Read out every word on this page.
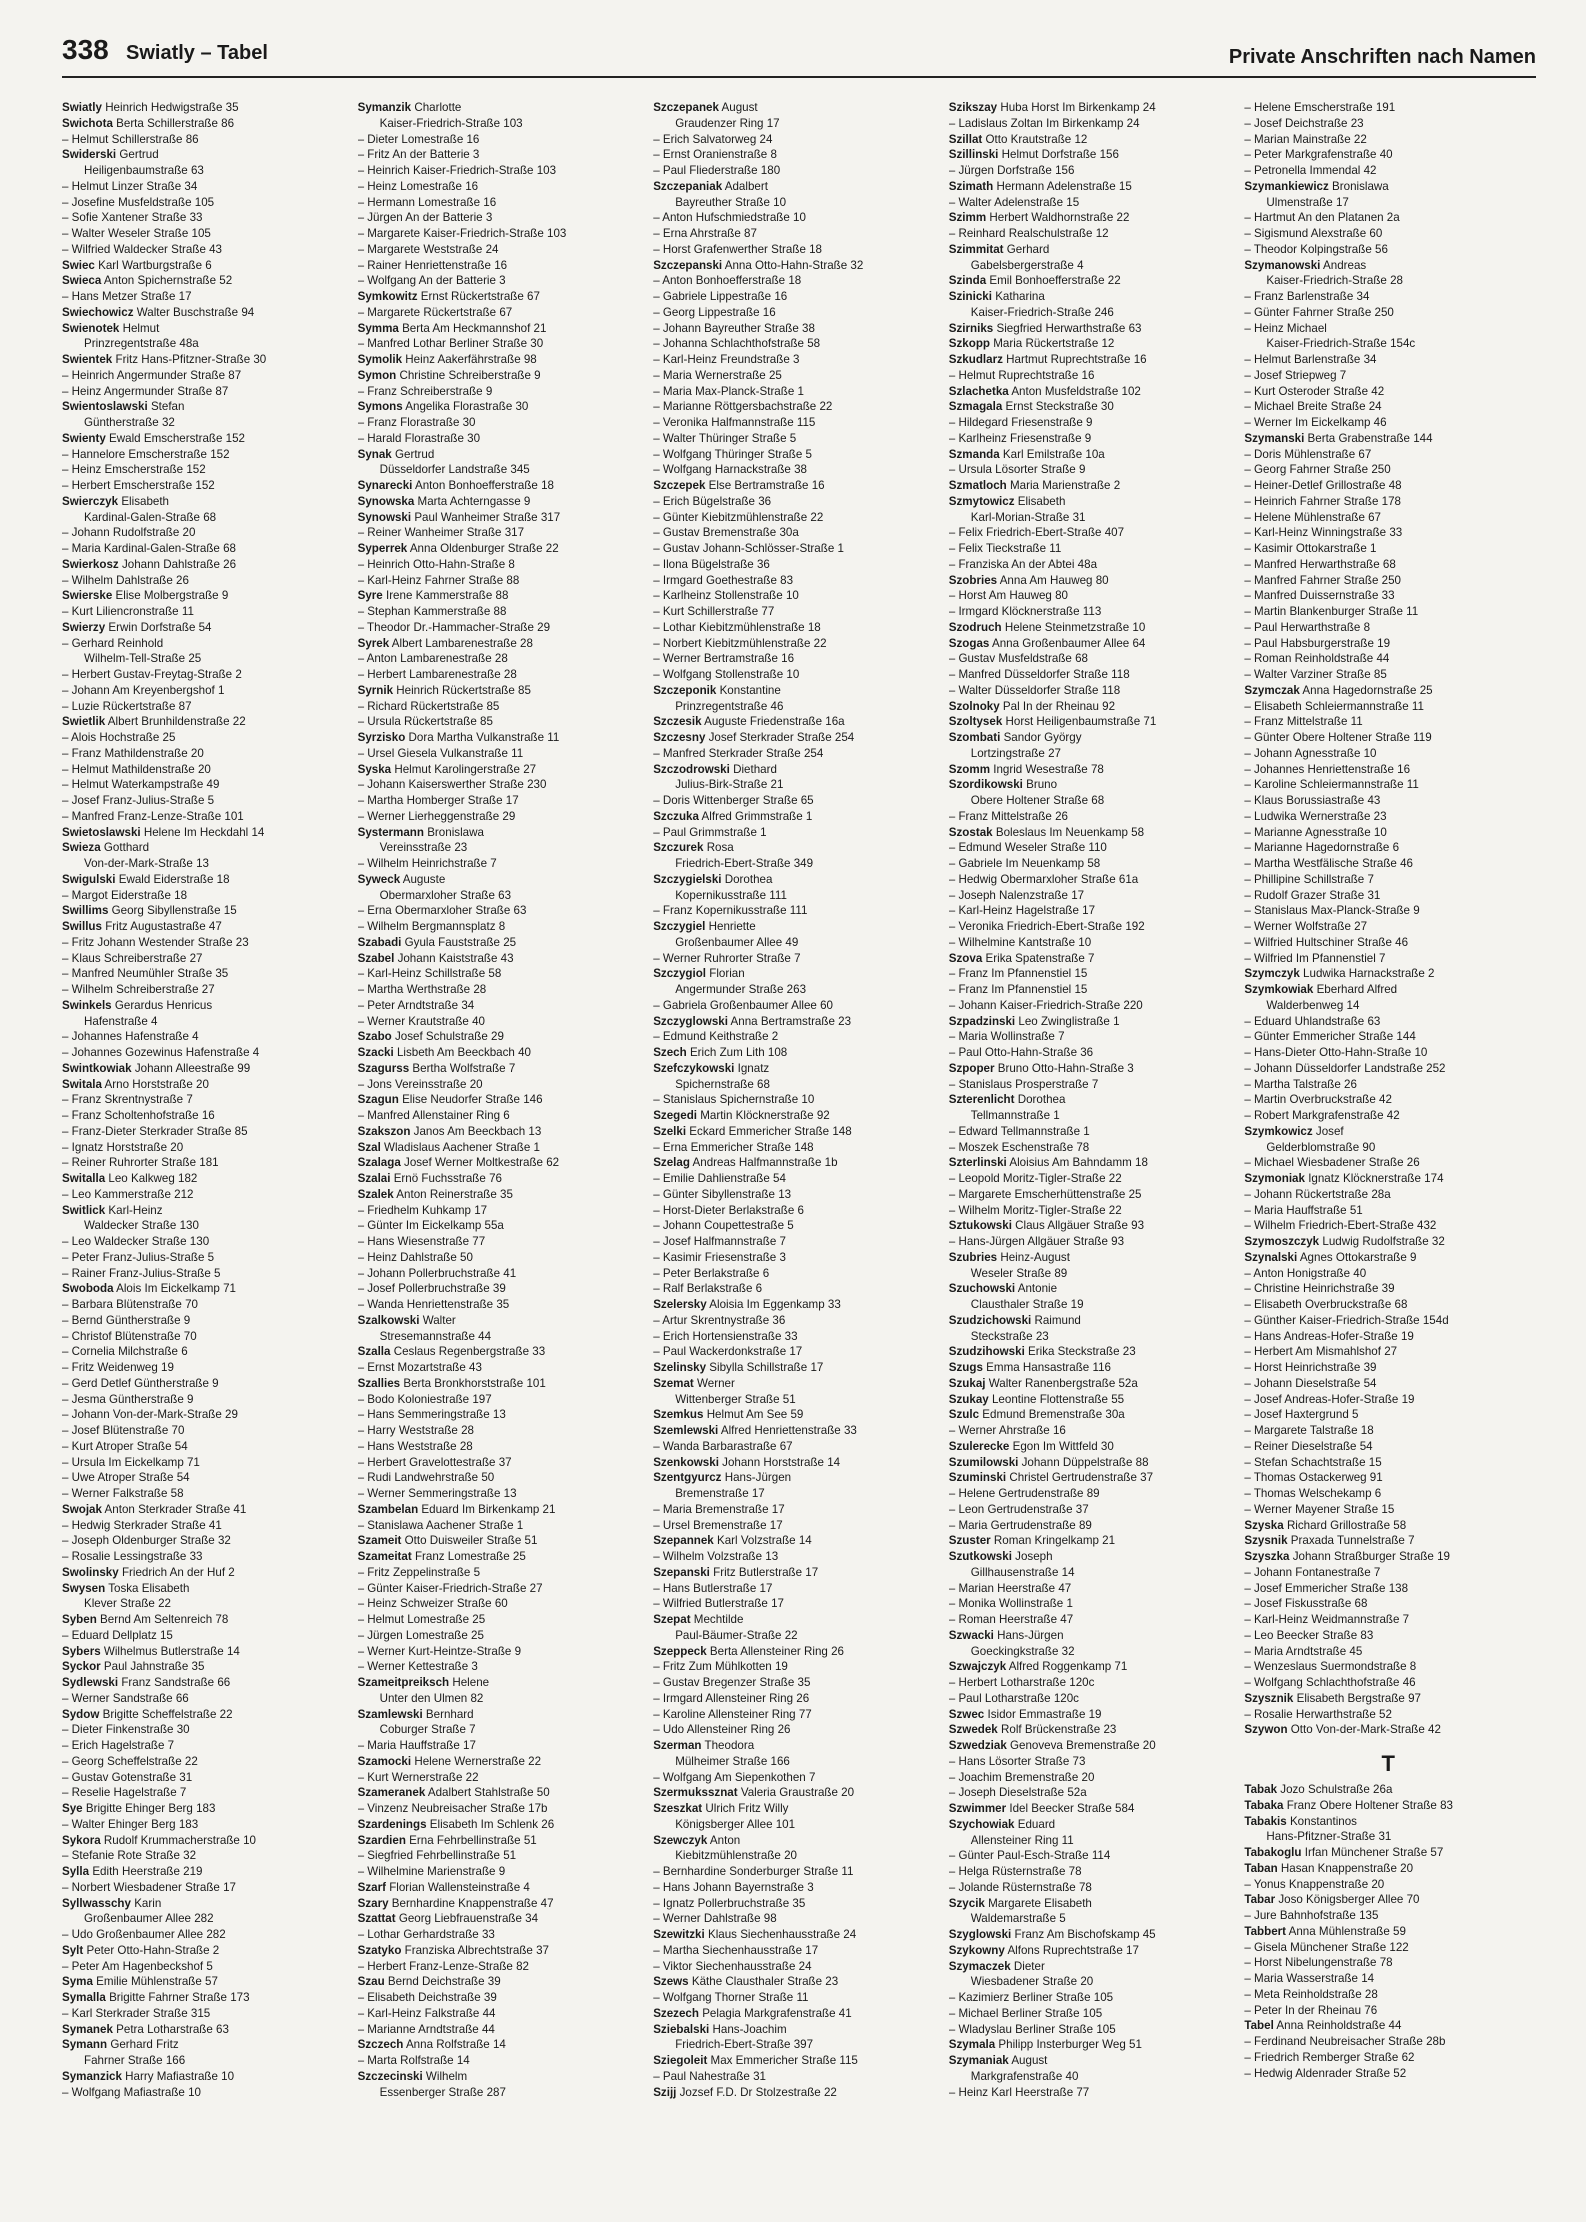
338 Swiatly – Tabel	Private Anschriften nach Namen
Swiatly Heinrich Hedwigstraße 35
Swichota Berta Schillerstraße 86
– Helmut Schillerstraße 86
Swiderski Gertrud
Heiligenbaumstraße 63
– Helmut Linzer Straße 34
– Josefine Musfeldstraße 105
– Sofie Xantener Straße 33
– Walter Weseler Straße 105
– Wilfried Waldecker Straße 43
Swiec Karl Wartburgstraße 6
Swieca Anton Spichernstraße 52
– Hans Metzer Straße 17
Swiechowicz Walter Buschstraße 94
Swienotek Helmut
Prinzregentstraße 48a
Swientek Fritz Hans-Pfitzner-Straße 30
– Heinrich Angermunder Straße 87
– Heinz Angermunder Straße 87
Swientoslawski Stefan
Güntherstraße 32
Swienty Ewald Emscherstraße 152
– Hannelore Emscherstraße 152
– Heinz Emscherstraße 152
– Herbert Emscherstraße 152
Swierczyk Elisabeth
Kardinal-Galen-Straße 68
– Johann Rudolfstraße 20
– Maria Kardinal-Galen-Straße 68
Swierkosz Johann Dahlstraße 26
– Wilhelm Dahlstraße 26
Swierske Elise Molbergstraße 9
– Kurt Liliencronstraße 11
Swierzy Erwin Dorfstraße 54
– Gerhard Reinhold
Wilhelm-Tell-Straße 25
– Herbert Gustav-Freytag-Straße 2
– Johann Am Kreyenbergshof 1
– Luzie Rückertstraße 87
Swietlik Albert Brunhildenstraße 22
– Alois Hochstraße 25
– Franz Mathildenstraße 20
– Helmut Mathildenstraße 20
– Helmut Waterkampstraße 49
– Josef Franz-Julius-Straße 5
– Manfred Franz-Lenze-Straße 101
Swietoslawski Helene Im Heckdahl 14
Swieza Gotthard
Von-der-Mark-Straße 13
Swigulski Ewald Eiderstraße 18
– Margot Eiderstraße 18
Swillims Georg Sibyllenstraße 15
Swillus Fritz Augustastraße 47
– Fritz Johann Westender Straße 23
– Klaus Schreiberstraße 27
– Manfred Neumühler Straße 35
– Wilhelm Schreiberstraße 27
Swinkels Gerardus Henricus
Hafenstraße 4
– Johannes Hafenstraße 4
– Johannes Gozewinus Hafenstraße 4
Swintkowiak Johann Alleestraße 99
Switala Arno Horststraße 20
– Franz Skrentnystraße 7
– Franz Scholtenhofstraße 16
– Franz-Dieter Sterkrader Straße 85
– Ignatz Horststraße 20
– Reiner Ruhrorter Straße 181
Switalla Leo Kalkweg 182
– Leo Kammerstraße 212
Switlick Karl-Heinz
Waldecker Straße 130
– Leo Waldecker Straße 130
– Peter Franz-Julius-Straße 5
– Rainer Franz-Julius-Straße 5
Swoboda Alois Im Eickelkamp 71
– Barbara Blütenstraße 70
– Bernd Güntherstraße 9
– Christof Blütenstraße 70
– Cornelia Milchstraße 6
– Fritz Weidenweg 19
– Gerd Detlef Güntherstraße 9
– Jesma Güntherstraße 9
– Johann Von-der-Mark-Straße 29
– Josef Blütenstraße 70
– Kurt Atroper Straße 54
– Ursula Im Eickelkamp 71
– Uwe Atroper Straße 54
– Werner Falkstraße 58
Swojak Anton Sterkrader Straße 41
– Hedwig Sterkrader Straße 41
– Joseph Oldenburger Straße 32
– Rosalie Lessingstraße 33
Swolinsky Friedrich An der Huf 2
Swysen Toska Elisabeth
Klever Straße 22
Syben Bernd Am Seltenreich 78
– Eduard Dellplatz 15
Sybers Wilhelmus Butlerstraße 14
Syckor Paul Jahnstraße 35
Sydlewski Franz Sandstraße 66
– Werner Sandstraße 66
Sydow Brigitte Scheffelstraße 22
– Dieter Finkenstraße 30
– Erich Hagelstraße 7
– Georg Scheffelstraße 22
– Gustav Gotenstraße 31
– Reselie Hagelstraße 7
Sye Brigitte Ehinger Berg 183
– Walter Ehinger Berg 183
Sykora Rudolf Krummacherstraße 10
– Stefanie Rote Straße 32
Sylla Edith Heerstraße 219
– Norbert Wiesbadener Straße 17
Syllwasschy Karin
Großenbaumer Allee 282
– Udo Großenbaumer Allee 282
Sylt Peter Otto-Hahn-Straße 2
– Peter Am Hagenbeckshof 5
Syma Emilie Mühlenstraße 57
Symalla Brigitte Fahrner Straße 173
– Karl Sterkrader Straße 315
Symanek Petra Lotharstraße 63
Symann Gerhard Fritz
Fahrner Straße 166
Symanzick Harry Mafiastraße 10
– Wolfgang Mafiastraße 10
Symanzik Charlotte
Kaiser-Friedrich-Straße 103
– Dieter Lomestraße 16
– Fritz An der Batterie 3
– Heinrich Kaiser-Friedrich-Straße 103
– Heinz Lomestraße 16
– Hermann Lomestraße 16
– Jürgen An der Batterie 3
– Margarete Kaiser-Friedrich-Straße 103
– Margarete Weststraße 24
– Rainer Henriettenstraße 16
– Wolfgang An der Batterie 3
Symkowitz Ernst Rückertstraße 67
– Margarete Rückertstraße 67
Symma Berta Am Heckmannshof 21
– Manfred Lothar Berliner Straße 30
Symolik Heinz Aakerfährstraße 98
Symon Christine Schreiberstraße 9
– Franz Schreiberstraße 9
Symons Angelika Florastraße 30
– Franz Florastraße 30
– Harald Florastraße 30
Synak Gertrud
Düsseldorfer Landstraße 345
Synarecki Anton Bonhoefferstraße 18
Synowska Marta Achterngasse 9
Synowski Paul Wanheimer Straße 317
– Reiner Wanheimer Straße 317
Syperrek Anna Oldenburger Straße 22
– Heinrich Otto-Hahn-Straße 8
– Karl-Heinz Fahrner Straße 88
Syre Irene Kammerstraße 88
– Stephan Kammerstraße 88
– Theodor Dr.-Hammacher-Straße 29
Syrek Albert Lambarenestraße 28
– Anton Lambarenestraße 28
– Herbert Lambarenestraße 28
Syrnik Heinrich Rückertstraße 85
– Richard Rückertstraße 85
– Ursula Rückertstraße 85
Syrzisko Dora Martha Vulkanstraße 11
– Ursel Giesela Vulkanstraße 11
Syska Helmut Karolingerstraße 27
– Johann Kaiserswerther Straße 230
– Martha Homberger Straße 17
– Werner Lierheggenstraße 29
Systermann Bronislawa
Vereinsstraße 23
– Wilhelm Heinrichstraße 7
Syweck Auguste
Obermarxloher Straße 63
– Erna Obermarxloher Straße 63
– Wilhelm Bergmannsplatz 8
Szabadi Gyula Fauststraße 25
Szabel Johann Kaiststraße 43
– Karl-Heinz Schillstraße 58
– Martha Werthstraße 28
– Peter Arndtstraße 34
– Werner Krautstraße 40
Szabo Josef Schulstraße 29
Szacki Lisbeth Am Beeckbach 40
Szagurss Bertha Wolfstraße 7
– Jons Vereinsstraße 20
Szagun Elise Neudorfer Straße 146
– Manfred Allenstainer Ring 6
Szakszon Janos Am Beeckbach 13
Szal Wladislaus Aachener Straße 1
Szalaga Josef Werner Moltkestraße 62
Szalai Ernö Fuchsstraße 76
Szalek Anton Reinerstraße 35
– Friedhelm Kuhkamp 17
– Günter Im Eickelkamp 55a
– Hans Wiesenstraße 77
– Heinz Dahlstraße 50
– Johann Pollerbruchstraße 41
– Josef Pollerbruchstraße 39
– Wanda Henriettenstraße 35
Szalkowski Walter
Stresemannstraße 44
Szalla Ceslaus Regenbergstraße 33
– Ernst Mozartstraße 43
Szallies Berta Bronkhorststraße 101
– Bodo Koloniestraße 197
– Hans Semmeringstraße 13
– Harry Weststraße 28
– Hans Weststraße 28
– Herbert Gravelottestraße 37
– Rudi Landwehrstraße 50
– Werner Semmeringstraße 13
Szambelan Eduard Im Birkenkamp 21
– Stanislawa Aachener Straße 1
Szameit Otto Duisweiler Straße 51
Szameitat Franz Lomestraße 25
– Fritz Zeppelinstraße 5
– Günter Kaiser-Friedrich-Straße 27
– Heinz Schweizer Straße 60
– Helmut Lomestraße 25
– Jürgen Lomestraße 25
– Werner Kurt-Heintze-Straße 9
– Werner Kettestraße 3
Szameitpreiksch Helene
Unter den Ulmen 82
Szamlewski Bernhard
Coburger Straße 7
– Maria Hauffstraße 17
Szamocki Helene Wernerstraße 22
– Kurt Wernerstraße 22
Szameranek Adalbert Stahlstraße 50
– Vinzenz Neubreisacher Straße 17b
Szardenings Elisabeth Im Schlenk 26
Szardien Erna Fehrbellinstraße 51
– Siegfried Fehrbellinstraße 51
– Wilhelmine Marienstraße 9
Szarf Florian Wallensteinstraße 4
Szary Bernhardine Knappenstraße 47
Szattat Georg Liebfrauenstraße 34
– Lothar Gerhardstraße 33
Szatyko Franziska Albrechtstraße 37
– Herbert Franz-Lenze-Straße 82
Szau Bernd Deichstraße 39
– Elisabeth Deichstraße 39
– Karl-Heinz Falkstraße 44
– Marianne Arndtstraße 44
Szczech Anna Rolfstraße 14
– Marta Rolfstraße 14
Szczecinski Wilhelm
Essenberger Straße 287
Szczepanek August
Graudenzer Ring 17
– Erich Salvatorweg 24
– Ernst Oranienstraße 8
– Paul Fliederstraße 180
Szczepaniak Adalbert
Bayreuther Straße 10
– Anton Hufschmiedstraße 10
– Erna Ahrstraße 87
– Horst Grafenwerther Straße 18
Szczepanski Anna Otto-Hahn-Straße 32
– Anton Bonhoefferstraße 18
– Gabriele Lippestraße 16
– Georg Lippestraße 16
– Johann Bayreuther Straße 38
– Johanna Schlachthofstraße 58
– Karl-Heinz Freundstraße 3
– Maria Wernerstraße 25
– Maria Max-Planck-Straße 1
– Marianne Röttgersbachstraße 22
– Veronika Halfmannstraße 115
– Walter Thüringer Straße 5
– Wolfgang Thüringer Straße 5
– Wolfgang Harnackstraße 38
Szczepek Else Bertramstraße 16
– Erich Bügelstraße 36
– Günter Kiebitzmühlenstraße 22
– Gustav Bremenstraße 30a
– Gustav Johann-Schlösser-Straße 1
– Ilona Bügelstraße 36
– Irmgard Goethestraße 83
– Karlheinz Stollenstraße 10
– Kurt Schillerstraße 77
– Lothar Kiebitzmühlenstraße 18
– Norbert Kiebitzmühlenstraße 22
– Werner Bertramstraße 16
– Wolfgang Stollenstraße 10
Szczeponik Konstantine
Prinzregentstraße 46
Szczesik Auguste Friedenstraße 16a
Szczesny Josef Sterkrader Straße 254
– Manfred Sterkrader Straße 254
Szczodrowski Diethard
Julius-Birk-Straße 21
– Doris Wittenberger Straße 65
Szczuka Alfred Grimmstraße 1
– Paul Grimmstraße 1
Szczurek Rosa
Friedrich-Ebert-Straße 349
Szczygielski Dorothea
Kopernikusstraße 111
– Franz Kopernikusstraße 111
Szczygiel Henriette
Großenbaumer Allee 49
– Werner Ruhrorter Straße 7
Szczygiol Florian
Angermunder Straße 263
– Gabriela Großenbaumer Allee 60
Szczyglowski Anna Bertramstraße 23
– Edmund Keithstraße 2
Szech Erich Zum Lith 108
Szefczykowski Ignatz
Spichernstraße 68
– Stanislaus Spichernstraße 10
Szegedi Martin Klöcknerstraße 92
Szelki Eckard Emmericher Straße 148
– Erna Emmericher Straße 148
Szelag Andreas Halfmannstraße 1b
– Emilie Dahlienstraße 54
– Günter Sibyllenstraße 13
– Horst-Dieter Berlakstraße 6
– Johann Coupettestraße 5
– Josef Halfmannstraße 7
– Kasimir Friesenstraße 3
– Peter Berlakstraße 6
– Ralf Berlakstraße 6
Szelersky Aloisia Im Eggenkamp 33
– Artur Skrentnystraße 36
– Erich Hortensienstraße 33
– Paul Wackerdonkstraße 17
Szelinsky Sibylla Schillstraße 17
Szemat Werner
Wittenberger Straße 51
Szemkus Helmut Am See 59
Szemlewski Alfred Henriettenstraße 33
– Wanda Barbarastraße 67
Szenkowski Johann Horststraße 14
Szentgyurcz Hans-Jürgen
Bremenstraße 17
– Maria Bremenstraße 17
– Ursel Bremenstraße 17
Szepannek Karl Volzstraße 14
– Wilhelm Volzstraße 13
Szepanski Fritz Butlerstraße 17
– Hans Butlerstraße 17
– Wilfried Butlerstraße 17
Szepat Mechtilde
Paul-Bäumer-Straße 22
Szeppeck Berta Allensteiner Ring 26
– Fritz Zum Mühlkotten 19
– Gustav Bregenzer Straße 35
– Irmgard Allensteiner Ring 26
– Karoline Allensteiner Ring 77
– Udo Allensteiner Ring 26
Szerman Theodora
Mülheimer Straße 166
– Wolfgang Am Siepenkothen 7
Szermukssznat Valeria Graustraße 20
Szeszkat Ulrich Fritz Willy
Königsberger Allee 101
Szewczyk Anton
Kiebitzmühlenstraße 20
– Bernhardine Sonderburger Straße 11
– Hans Johann Bayernstraße 3
– Ignatz Pollerbruchstraße 35
– Werner Dahlstraße 98
Szewitzki Klaus Siechenhausstraße 24
– Martha Siechenhausstraße 17
– Viktor Siechenhausstraße 24
Szews Käthe Clausthaler Straße 23
– Wolfgang Thorner Straße 11
Szezech Pelagia Markgrafenstraße 41
Sziebalski Hans-Joachim
Friedrich-Ebert-Straße 397
Sziegoleit Max Emmericher Straße 115
– Paul Nahestraße 31
Szijj Jozsef F.D. Dr Stolzestraße 22
Szikszay Huba Horst Im Birkenkamp 24
– Ladislaus Zoltan Im Birkenkamp 24
Szillat Otto Krautstraße 12
Szillinski Helmut Dorfstraße 156
– Jürgen Dorfstraße 156
Szimath Hermann Adelenstraße 15
– Walter Adelenstraße 15
Szimm Herbert Waldhornstraße 22
– Reinhard Realschulstraße 12
Szimmitat Gerhard
Gabelsbergerstraße 4
Szinda Emil Bonhoefferstraße 22
Szinicki Katharina
Kaiser-Friedrich-Straße 246
Szirniks Siegfried Herwarthstraße 63
Szkopp Maria Rückertstraße 12
Szkudlarz Hartmut Ruprechtstraße 16
– Helmut Ruprechtstraße 16
Szlachetka Anton Musfeldstraße 102
Szmagala Ernst Steckstraße 30
– Hildegard Friesenstraße 9
– Karlheinz Friesenstraße 9
Szmanda Karl Emilstraße 10a
– Ursula Lösorter Straße 9
Szmatloch Maria Marienstraße 2
Szmytowicz Elisabeth
Karl-Morian-Straße 31
– Felix Friedrich-Ebert-Straße 407
– Felix Tieckstraße 11
– Franziska An der Abtei 48a
Szobries Anna Am Hauweg 80
– Horst Am Hauweg 80
– Irmgard Klöcknerstraße 113
Szodruch Helene Steinmetzstraße 10
Szogas Anna Großenbaumer Allee 64
– Gustav Musfeldstraße 68
– Manfred Düsseldorfer Straße 118
– Walter Düsseldorfer Straße 118
Szolnoky Pal In der Rheinau 92
Szoltysek Horst Heiligenbaumstraße 71
Szombati Sandor György
Lortzingstraße 27
Szomm Ingrid Wesestraße 78
Szordikowski Bruno
Obere Holtener Straße 68
– Franz Mittelstraße 26
Szostak Boleslaus Im Neuenkamp 58
– Edmund Weseler Straße 110
– Gabriele Im Neuenkamp 58
– Hedwig Obermarxloher Straße 61a
– Joseph Nalenzstraße 17
– Karl-Heinz Hagelstraße 17
– Veronika Friedrich-Ebert-Straße 192
– Wilhelmine Kantstraße 10
Szova Erika Spatenstraße 7
– Franz Im Pfannenstiel 15
– Franz Im Pfannenstiel 15
– Johann Kaiser-Friedrich-Straße 220
Szpadzinski Leo Zwinglistraße 1
– Maria Wollinstraße 7
– Paul Otto-Hahn-Straße 36
Szpoper Bruno Otto-Hahn-Straße 3
– Stanislaus Prosperstraße 7
Szterenlicht Dorothea
Tellmannstraße 1
– Edward Tellmannstraße 1
– Moszek Eschenstraße 78
Szterlinski Aloisius Am Bahndamm 18
– Leopold Moritz-Tigler-Straße 22
– Margarete Emscherhüttenstraße 25
– Wilhelm Moritz-Tigler-Straße 22
Sztukowski Claus Allgäuer Straße 93
– Hans-Jürgen Allgäuer Straße 93
Szubries Heinz-August
Weseler Straße 89
Szuchowski Antonie
Clausthaler Straße 19
Szudzichowski Raimund
Steckstraße 23
Szudzihowski Erika Steckstraße 23
Szugs Emma Hansastraße 116
Szukaj Walter Ranenbergstraße 52a
Szukay Leontine Flottenstraße 55
Szulc Edmund Bremenstraße 30a
– Werner Ahrstraße 16
Szulerecke Egon Im Wittfeld 30
Szumilowski Johann Düppelstraße 88
Szuminski Christel Gertrudenstraße 37
– Helene Gertrudenstraße 89
– Leon Gertrudenstraße 37
– Maria Gertrudenstraße 89
Szuster Roman Kringelkamp 21
Szutkowski Joseph
Gillhausenstraße 14
– Marian Heerstraße 47
– Monika Wollinstraße 1
– Roman Heerstraße 47
Szwacki Hans-Jürgen
Goeckingkstraße 32
Szwajczyk Alfred Roggenkamp 71
– Herbert Lotharstraße 120c
– Paul Lotharstraße 120c
Szwec Isidor Emmastraße 19
Szwedek Rolf Brückenstraße 23
Szwedziak Genoveva Bremenstraße 20
– Hans Lösorter Straße 73
– Joachim Bremenstraße 20
– Joseph Dieselstraße 52a
Szwimmer Idel Beecker Straße 584
Szychowiak Eduard
Allensteiner Ring 11
– Günter Paul-Esch-Straße 114
– Helga Rüsternstraße 78
– Jolande Rüsternstraße 78
Szycik Margarete Elisabeth
Waldemarstraße 5
Szyglowski Franz Am Bischofskamp 45
Szykowny Alfons Ruprechtstraße 17
Szymaczek Dieter
Wiesbadener Straße 20
– Kazimierz Berliner Straße 105
– Michael Berliner Straße 105
– Wladyslau Berliner Straße 105
Szymala Philipp Insterburger Weg 51
Szymaniak August
Markgrafenstraße 40
– Heinz Karl Heerstraße 77
– Helene Emscherstraße 191
– Josef Deichstraße 23
– Marian Mainstraße 22
– Peter Markgrafenstraße 40
– Petronella Immendal 42
Szymankiewicz Bronislawa
Ulmenstraße 17
– Hartmut An den Platanen 2a
– Sigismund Alexstraße 60
– Theodor Kolpingstraße 56
Szymanowski Andreas
Kaiser-Friedrich-Straße 28
– Franz Barlenstraße 34
– Günter Fahrner Straße 250
– Heinz Michael
Kaiser-Friedrich-Straße 154c
– Helmut Barlenstraße 34
– Josef Striepweg 7
– Kurt Osteroder Straße 42
– Michael Breite Straße 24
– Werner Im Eickelkamp 46
Szymanski Berta Grabenstraße 144
– Doris Mühlenstraße 67
– Georg Fahrner Straße 250
– Heiner-Detlef Grillostraße 48
– Heinrich Fahrner Straße 178
– Helene Mühlenstraße 67
– Karl-Heinz Winningstraße 33
– Kasimir Ottokarstraße 1
– Manfred Herwarthstraße 68
– Manfred Fahrner Straße 250
– Manfred Duissernstraße 33
– Martin Blankenburger Straße 11
– Paul Herwarthstraße 8
– Paul Habsburgerstraße 19
– Roman Reinholdstraße 44
– Walter Varziner Straße 85
Szymczak Anna Hagedornstraße 25
– Elisabeth Schleiermannstraße 11
– Franz Mittelstraße 11
– Günter Obere Holtener Straße 119
– Johann Agnesstraße 10
– Johannes Henriettenstraße 16
– Karoline Schleiermannstraße 11
– Klaus Borussiastraße 43
– Ludwika Wernerstraße 23
– Marianne Agnesstraße 10
– Marianne Hagedornstraße 6
– Martha Westfälische Straße 46
– Phillipine Schillstraße 7
– Rudolf Grazer Straße 31
– Stanislaus Max-Planck-Straße 9
– Werner Wolfstraße 27
– Wilfried Hultschiner Straße 46
– Wilfried Im Pfannenstiel 7
Szymczyk Ludwika Harnackstraße 2
Szymkowiak Eberhard Alfred
Walderbenweg 14
– Eduard Uhlandstraße 63
– Günter Emmericher Straße 144
– Hans-Dieter Otto-Hahn-Straße 10
– Johann Düsseldorfer Landstraße 252
– Martha Talstraße 26
– Martin Overbruckstraße 42
– Robert Markgrafenstraße 42
Szymkowicz Josef
Gelderblomstraße 90
– Michael Wiesbadener Straße 26
Szymoniak Ignatz Klöcknerstraße 174
– Johann Rückertstraße 28a
– Maria Hauffstraße 51
– Wilhelm Friedrich-Ebert-Straße 432
Szymoszczyk Ludwig Rudolfstraße 32
Szynalski Agnes Ottokarstraße 9
– Anton Honigstraße 40
– Christine Heinrichstraße 39
– Elisabeth Overbruckstraße 68
– Günther Kaiser-Friedrich-Straße 154d
– Hans Andreas-Hofer-Straße 19
– Herbert Am Mismahlshof 27
– Horst Heinrichstraße 39
– Johann Dieselstraße 54
– Josef Andreas-Hofer-Straße 19
– Josef Haxtergrund 5
– Margarete Talstraße 18
– Reiner Dieselstraße 54
– Stefan Schachtstraße 15
– Thomas Ostackerweg 91
– Thomas Welschekamp 6
– Werner Mayener Straße 15
Szyska Richard Grillostraße 58
Szysnik Praxada Tunnelstraße 7
Szyszka Johann Straßburger Straße 19
– Johann Fontanestraße 7
– Josef Emmericher Straße 138
– Josef Fiskusstraße 68
– Karl-Heinz Weidmannstraße 7
– Leo Beecker Straße 83
– Maria Arndtstraße 45
– Wenzeslaus Suermondstraße 8
– Wolfgang Schlachthofstraße 46
Szysznik Elisabeth Bergstraße 97
– Rosalie Herwarthstraße 52
Szywon Otto Von-der-Mark-Straße 42
T
Tabak Jozo Schulstraße 26a
Tabaka Franz Obere Holtener Straße 83
Tabakis Konstantinos
Hans-Pfitzner-Straße 31
Tabakoglu Irfan Münchener Straße 57
Taban Hasan Knappenstraße 20
– Yonus Knappenstraße 20
Tabar Joso Königsberger Allee 70
– Jure Bahnhofstraße 135
Tabbert Anna Mühlenstraße 59
– Gisela Münchener Straße 122
– Horst Nibelungenstraße 78
– Maria Wasserstraße 14
– Meta Reinholdstraße 28
– Peter In der Rheinau 76
Tabel Anna Reinholdstraße 44
– Ferdinand Neubreisacher Straße 28b
– Friedrich Remberger Straße 62
– Hedwig Aldenrader Straße 52
